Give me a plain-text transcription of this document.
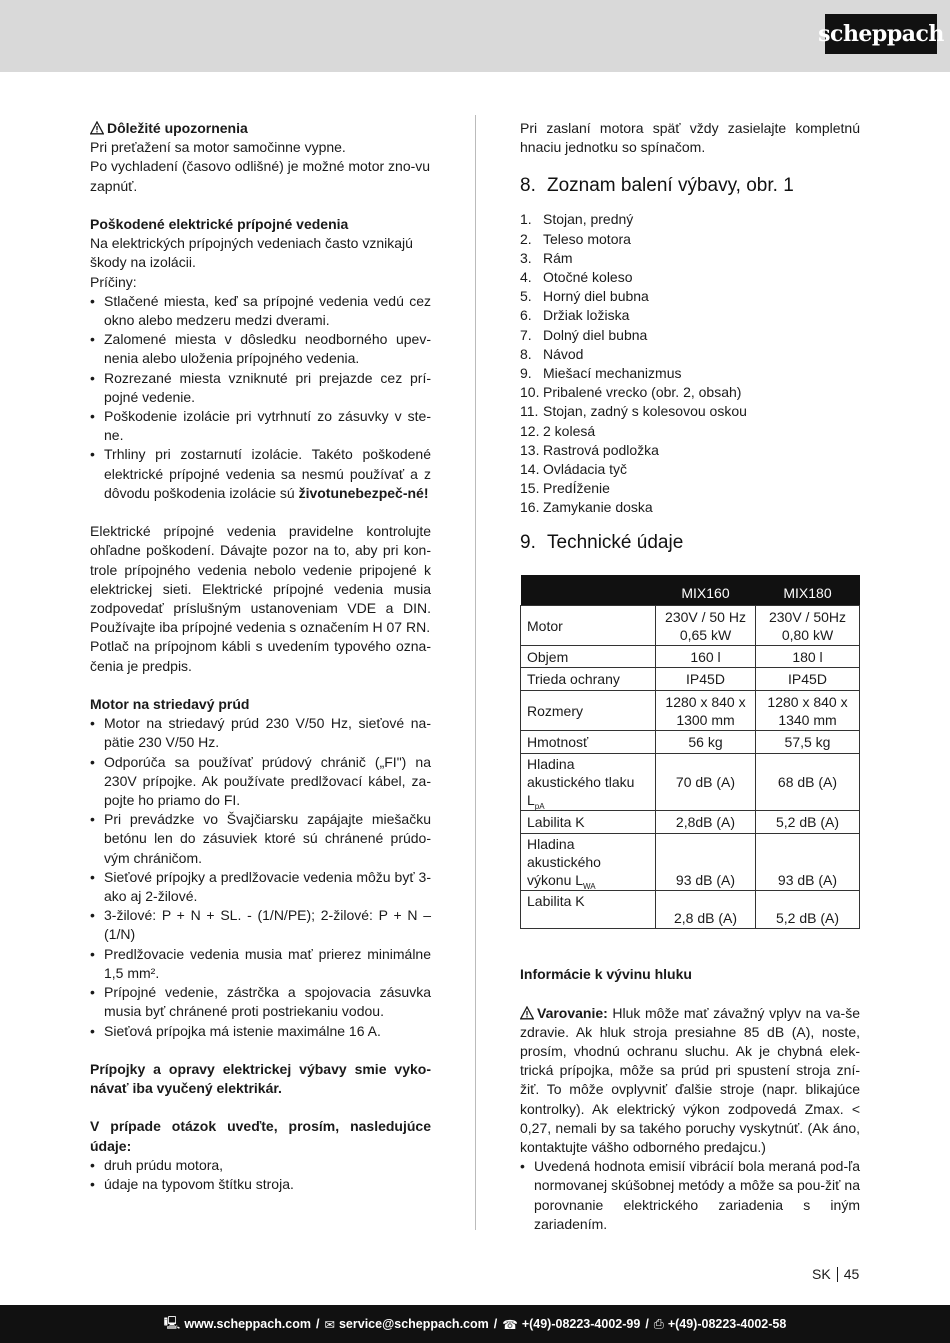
scheppach
Dôležité upozornenia
Pri preťažení sa motor samočinne vypne.
Po vychladení (časovo odlišné) je možné motor zno-vu zapnúť.
Poškodené elektrické prípojné vedenia
Na elektrických prípojných vedeniach často vznikajú škody na izolácii.
Príčiny:
• Stlačené miesta, keď sa prípojné vedenia vedú cez okno alebo medzeru medzi dverami.
• Zalomené miesta v dôsledku neodborného upev-nenia alebo uloženia prípojného vedenia.
• Rozrezané miesta vzniknuté pri prejazde cez prí-pojné vedenie.
• Poškodenie izolácie pri vytrhnutí zo zásuvky v ste-ne.
• Trhliny pri zostarnutí izolácie. Takéto poškodené elektrické prípojné vedenia sa nesmú používať a z dôvodu poškodenia izolácie sú životunebezpeč-né!
Elektrické prípojné vedenia pravidelne kontrolujte ohľadne poškodení. Dávajte pozor na to, aby pri kon-trole prípojného vedenia nebolo vedenie pripojené k elektrickej sieti. Elektrické prípojné vedenia musia zodpovedať príslušným ustanoveniam VDE a DIN. Používajte iba prípojné vedenia s označením H 07 RN.
Potlač na prípojnom kábli s uvedením typového ozna-čenia je predpis.
Motor na striedavý prúd
• Motor na striedavý prúd 230 V/50 Hz, sieťové na-pätie 230 V/50 Hz.
• Odporúča sa používať prúdový chránič („FI") na 230V prípojke. Ak používate predlžovací kábel, za-pojte ho priamo do FI.
• Pri prevádzke vo Švajčiarsku zapájajte miešačku betónu len do zásuviek ktoré sú chránené prúdo-vým chráničom.
• Sieťové prípojky a predlžovacie vedenia môžu byť 3- ako aj 2-žilové.
• 3-žilové: P + N + SL. - (1/N/PE); 2-žilové: P + N – (1/N)
• Predlžovacie vedenia musia mať prierez minimálne 1,5 mm².
• Prípojné vedenie, zástrčka a spojovacia zásuvka musia byť chránené proti postriekaniu vodou.
• Sieťová prípojka má istenie maximálne 16 A.
Prípojky a opravy elektrickej výbavy smie vyko-návať iba vyučený elektrikár.
V prípade otázok uveďte, prosím, nasledujúce údaje:
• druh prúdu motora,
• údaje na typovom štítku stroja.
Pri zaslaní motora späť vždy zasielajte kompletnú hnaciu jednotku so spínačom.
8. Zoznam balení výbavy, obr. 1
1. Stojan, predný
2. Teleso motora
3. Rám
4. Otočné koleso
5. Horný diel bubna
6. Držiak ložiska
7. Dolný diel bubna
8. Návod
9. Miešací mechanizmus
10. Pribalené vrecko (obr. 2, obsah)
11. Stojan, zadný s kolesovou oskou
12. 2 kolesá
13. Rastrová podložka
14. Ovládacia tyč
15. PredÍženie
16. Zamykanie doska
9. Technické údaje
	MIX160	MIX180
Motor	230V / 50 Hz 0,65 kW	230V / 50Hz 0,80 kW
Objem	160 l	180 l
Trieda ochrany	IP45D	IP45D
Rozmery	1280 x 840 x 1300 mm	1280 x 840 x 1340 mm
Hmotnosť	56 kg	57,5 kg
Hladina akustického tlaku $L_{pA}$	70 dB (A)	68 dB (A)
Labilita K	2,8dB (A)	5,2 dB (A)
Hladina akustického výkonu $L_{WA}$	93 dB (A)	93 dB (A)
Labilita K	2,8 dB (A)	5,2 dB (A)
Informácie k vývinu hluku
Varovanie: Hluk môže mať závažný vplyv na va-še zdravie. Ak hluk stroja presiahne 85 dB (A), noste, prosím, vhodnú ochranu sluchu. Ak je chybná elek-trická prípojka, môže sa prúd pri spustení stroja zní-žiť. To môže ovplyvniť ďalšie stroje (napr. blikajúce kontrolky). Ak elektrický výkon zodpovedá Zmax. < 0,27, nemali by sa takého poruchy vyskytnúť. (Ak áno, kontaktujte vášho odborného predajcu.)
• Uvedená hodnota emisií vibrácií bola meraná pod-ľa normovanej skúšobnej metódy a môže sa pou-žiť na porovnanie elektrického zariadenia s iným zariadením.
SK 45
🖳︎ www.scheppach.com / ✉︎ service@scheppach.com / ☎︎ +(49)-08223-4002-99 / ⎙ +(49)-08223-4002-58
